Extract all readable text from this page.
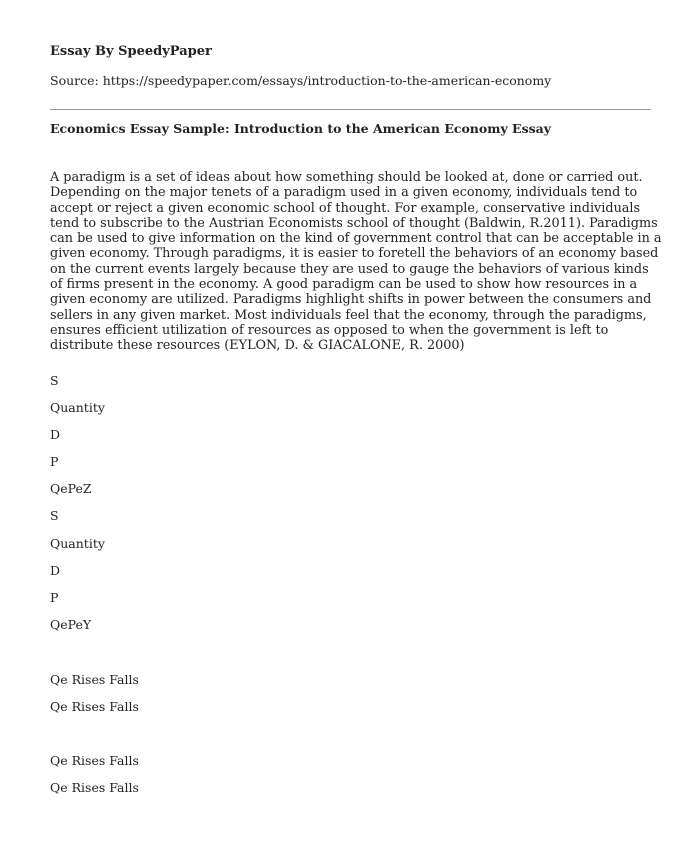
Essay By SpeedyPaper

Source: https://speedypaper.com/essays/introduction-to-the-american-economy

Economics Essay Sample: Introduction to the American Economy Essay

A paradigm is a set of ideas about how something should be looked at, done or carried out. Depending on the major tenets of a paradigm used in a given economy, individuals tend to accept or reject a given economic school of thought. For example, conservative individuals tend to subscribe to the Austrian Economists school of thought (Baldwin, R.2011). Paradigms can be used to give information on the kind of government control that can be acceptable in a given economy. Through paradigms, it is easier to foretell the behaviors of an economy based on the current events largely because they are used to gauge the behaviors of various kinds of firms present in the economy. A good paradigm can be used to show how resources in a given economy are utilized. Paradigms highlight shifts in power between the consumers and sellers in any given market. Most individuals feel that the economy, through the paradigms, ensures efficient utilization of resources as opposed to when the government is left to distribute these resources (EYLON, D. & GIACALONE, R. 2000)

S

Quantity

D

P

QePeZ

S

Quantity

D

P

QePeY

Qe Rises Falls

Qe Rises Falls

Qe Rises Falls

Qe Rises Falls
